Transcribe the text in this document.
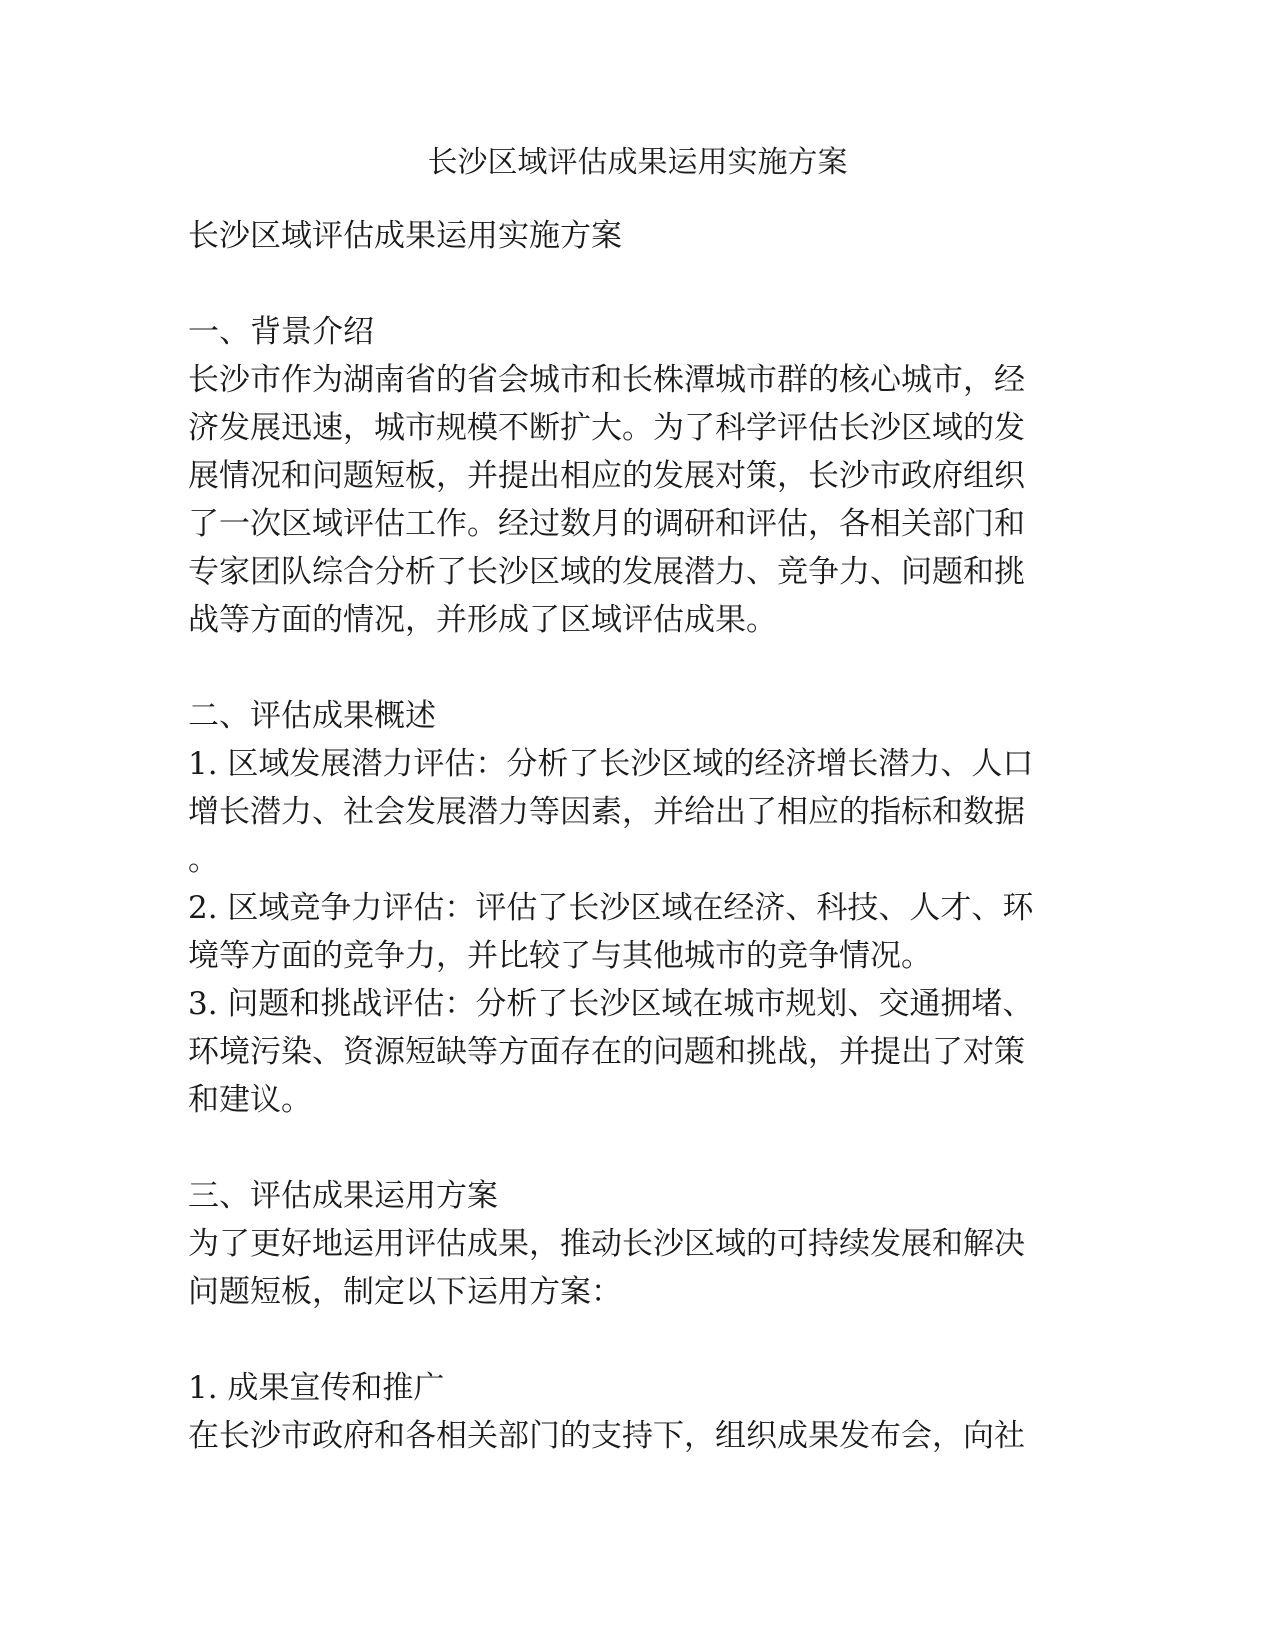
长沙区域评估成果运用实施方案
长沙区域评估成果运用实施方案
一、背景介绍
长沙市作为湖南省的省会城市和长株潭城市群的核心城市，经
济发展迅速，城市规模不断扩大。为了科学评估长沙区域的发
展情况和问题短板，并提出相应的发展对策，长沙市政府组织
了一次区域评估工作。经过数月的调研和评估，各相关部门和
专家团队综合分析了长沙区域的发展潜力、竞争力、问题和挑
战等方面的情况，并形成了区域评估成果。
二、评估成果概述
1. 区域发展潜力评估：分析了长沙区域的经济增长潜力、人口
增长潜力、社会发展潜力等因素，并给出了相应的指标和数据
。
2. 区域竞争力评估：评估了长沙区域在经济、科技、人才、环
境等方面的竞争力，并比较了与其他城市的竞争情况。
3. 问题和挑战评估：分析了长沙区域在城市规划、交通拥堵、
环境污染、资源短缺等方面存在的问题和挑战，并提出了对策
和建议。
三、评估成果运用方案
为了更好地运用评估成果，推动长沙区域的可持续发展和解决
问题短板，制定以下运用方案：
1. 成果宣传和推广
在长沙市政府和各相关部门的支持下，组织成果发布会，向社
